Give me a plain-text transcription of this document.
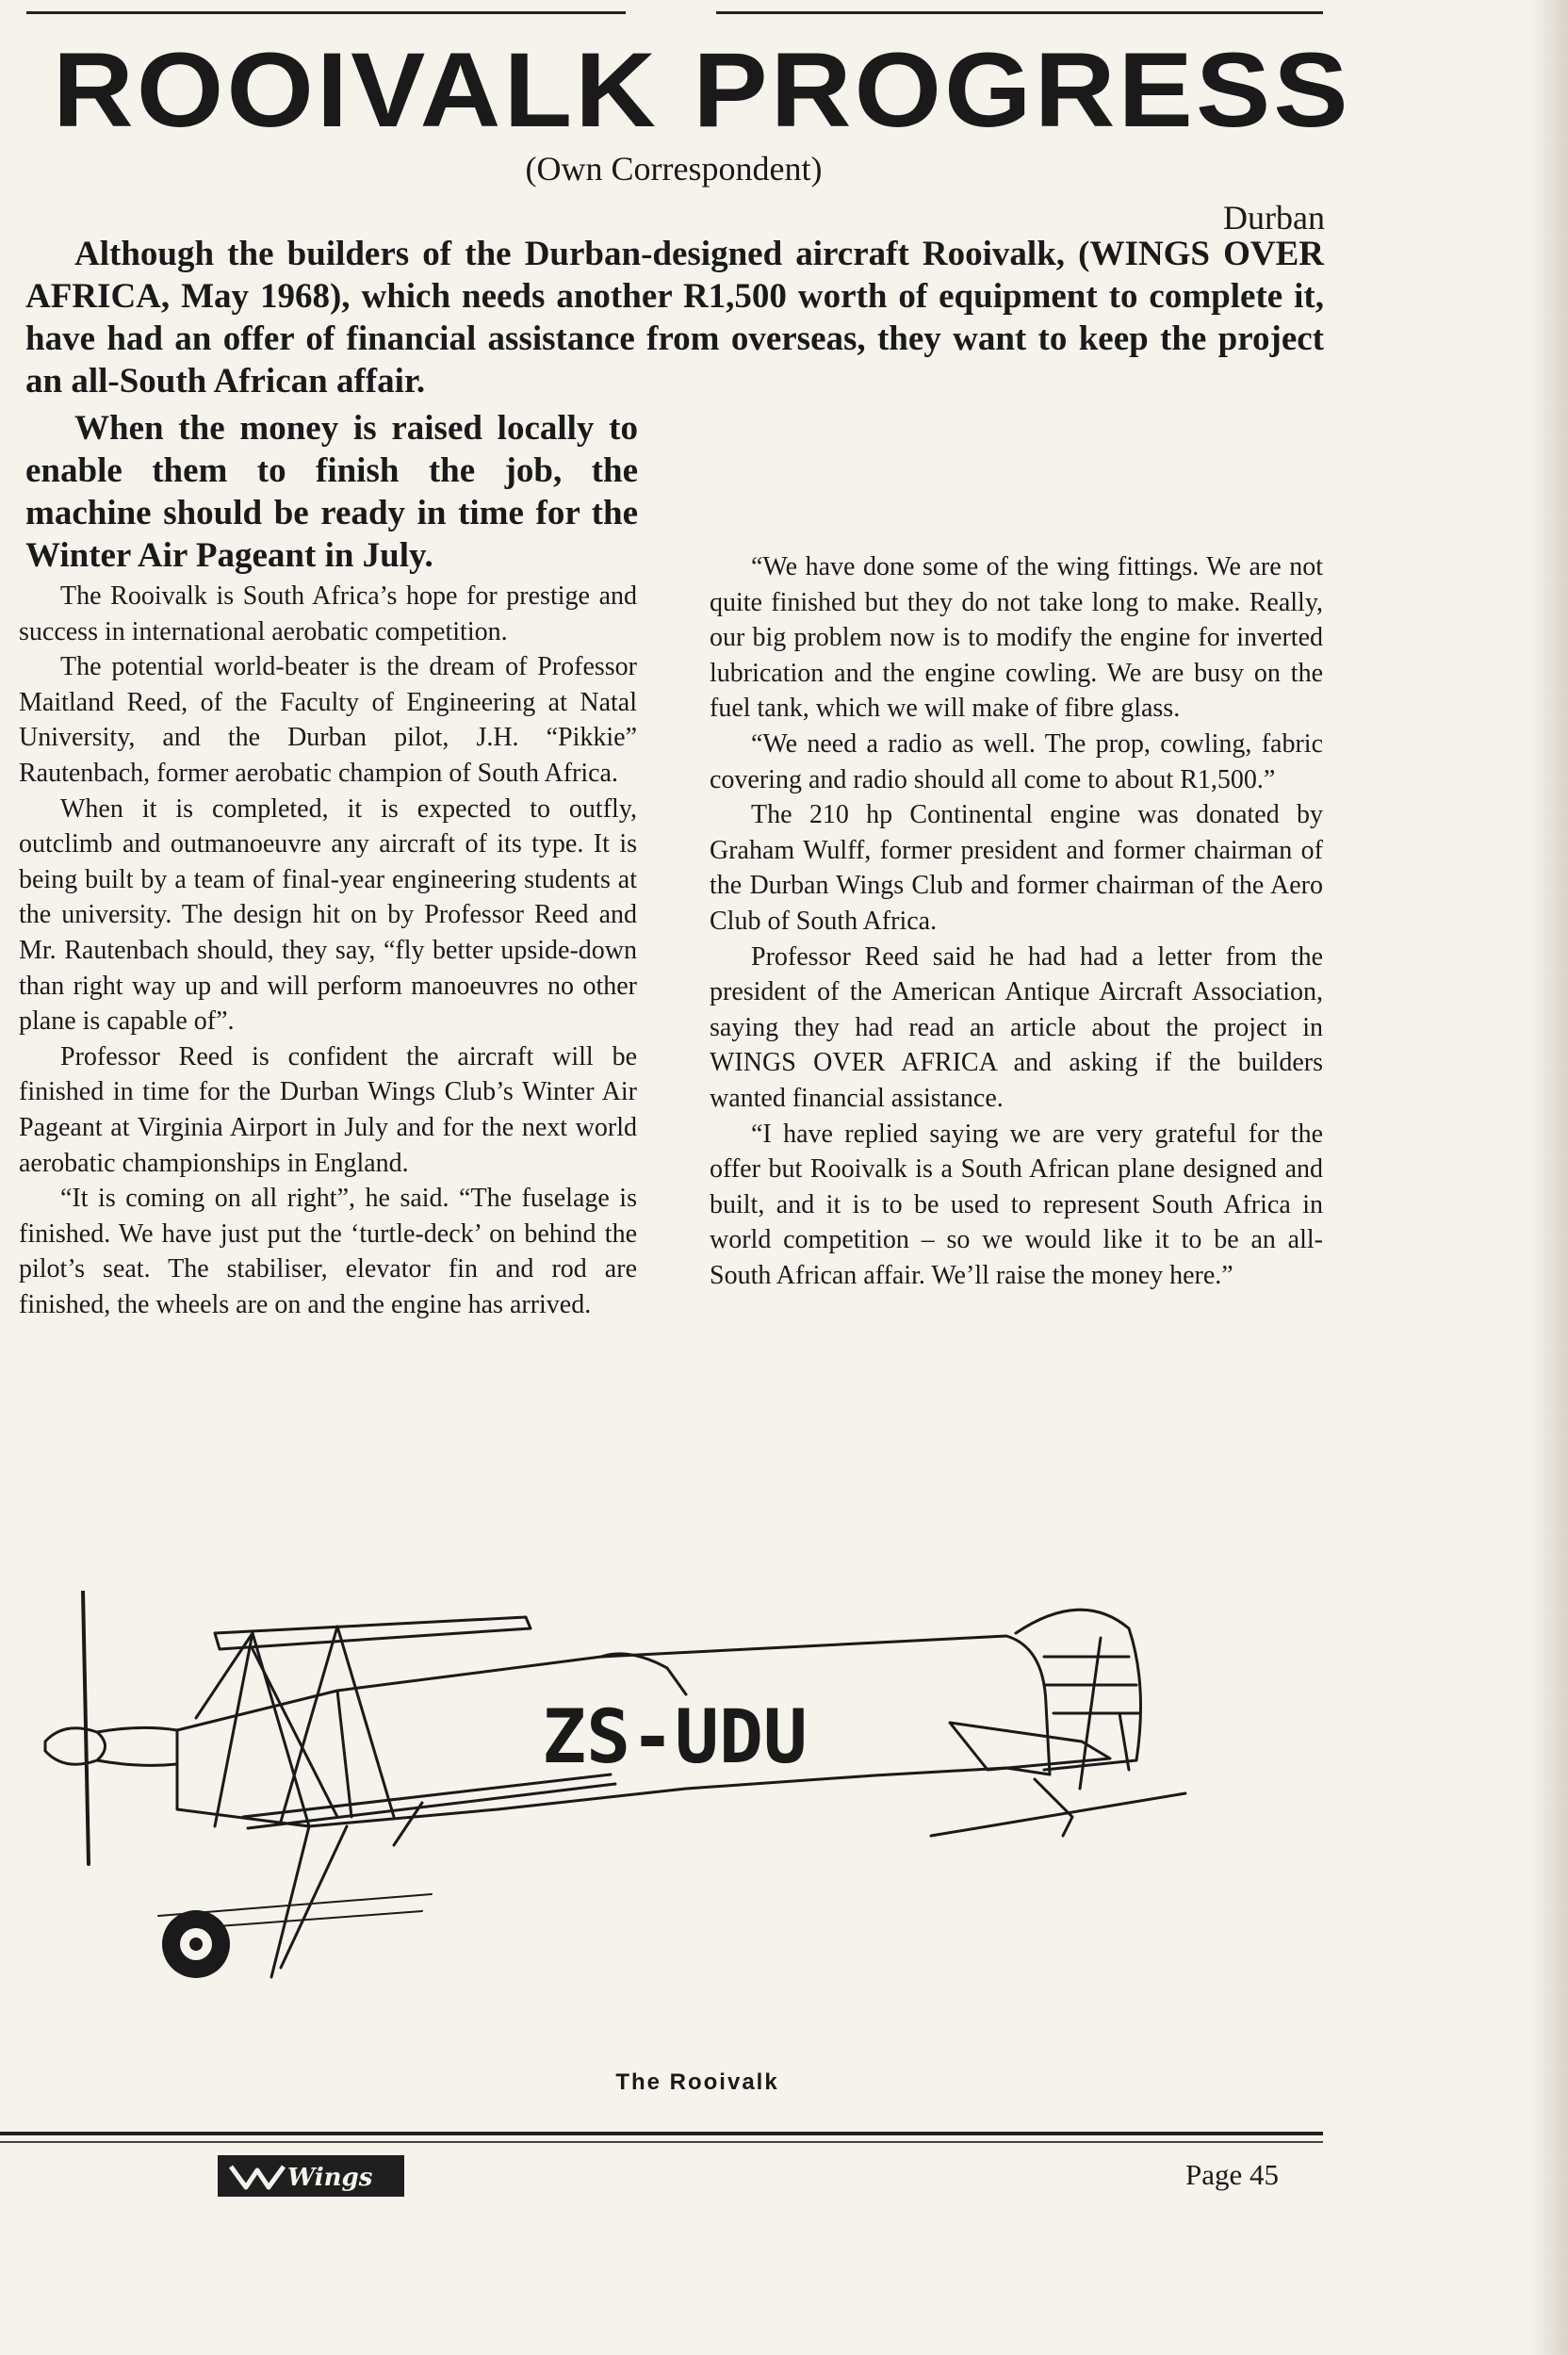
ROOIVALK PROGRESS
(Own Correspondent)
Durban

Although the builders of the Durban-designed aircraft Rooivalk, (WINGS OVER AFRICA, May 1968), which needs another R1,500 worth of equipment to complete it, have had an offer of financial assistance from overseas, they want to keep the project an all-South African affair.

When the money is raised locally to enable them to finish the job, the machine should be ready in time for the Winter Air Pageant in July.

The Rooivalk is South Africa’s hope for prestige and success in international aerobatic competition.

The potential world-beater is the dream of Professor Maitland Reed, of the Faculty of Engineering at Natal University, and the Durban pilot, J.H. “Pikkie” Rautenbach, former aerobatic champion of South Africa.

When it is completed, it is expected to outfly, outclimb and outmanoeuvre any aircraft of its type. It is being built by a team of final-year engineering students at the university. The design hit on by Professor Reed and Mr. Rautenbach should, they say, “fly better upside-down than right way up and will perform manoeuvres no other plane is capable of”.

Professor Reed is confident the aircraft will be finished in time for the Durban Wings Club’s Winter Air Pageant at Virginia Airport in July and for the next world aerobatic championships in England.

“It is coming on all right”, he said. “The fuselage is finished. We have just put the ‘turtle-deck’ on behind the pilot’s seat. The stabiliser, elevator fin and rod are finished, the wheels are on and the engine has arrived.

“We have done some of the wing fittings. We are not quite finished but they do not take long to make. Really, our big problem now is to modify the engine for inverted lubrication and the engine cowling. We are busy on the fuel tank, which we will make of fibre glass.

“We need a radio as well. The prop, cowling, fabric covering and radio should all come to about R1,500.”

The 210 hp Continental engine was donated by Graham Wulff, former president and former chairman of the Durban Wings Club and former chairman of the Aero Club of South Africa.

Professor Reed said he had had a letter from the president of the American Antique Aircraft Association, saying they had read an article about the project in WINGS OVER AFRICA and asking if the builders wanted financial assistance.

“I have replied saying we are very grateful for the offer but Rooivalk is a South African plane designed and built, and it is to be used to represent South Africa in world competition – so we would like it to be an all-South African affair. We’ll raise the money here.”

ZS-UDU
The Rooivalk
Wings	Page 45
